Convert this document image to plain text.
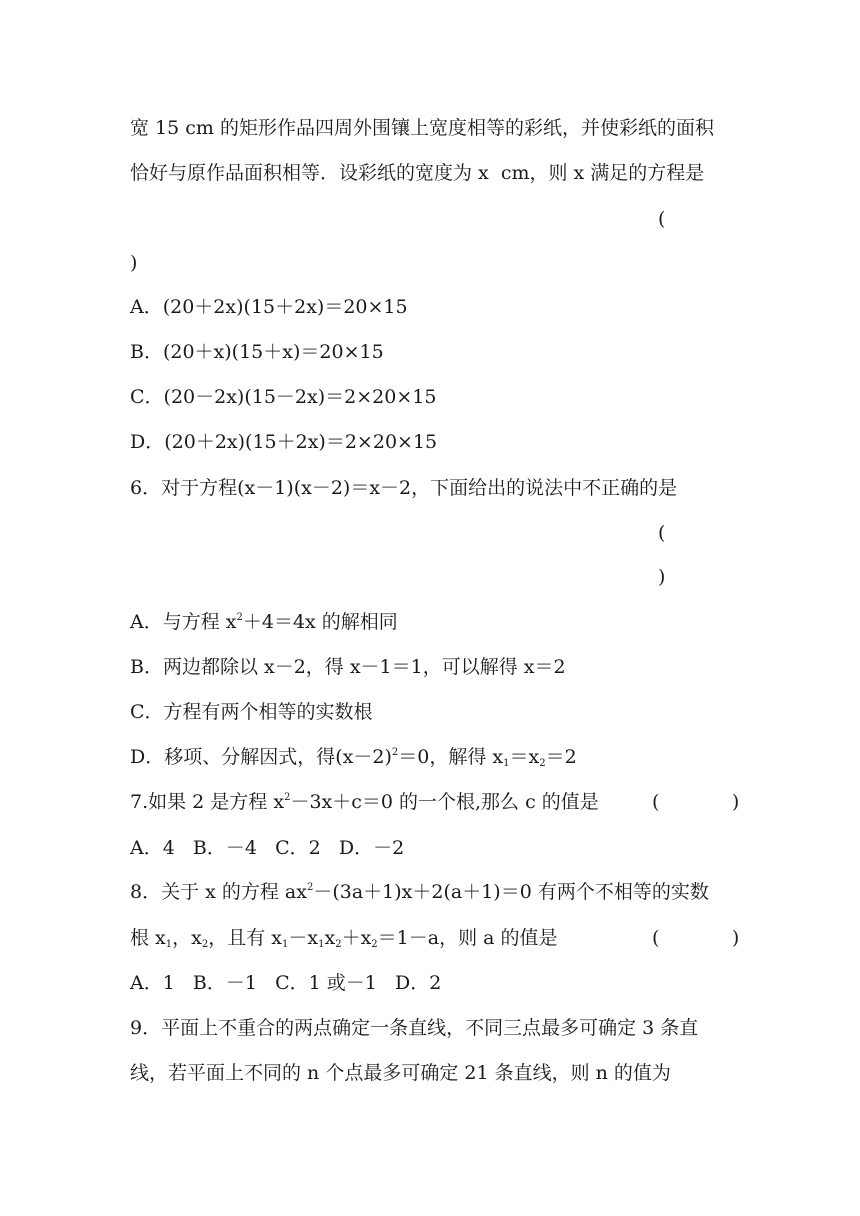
宽 15 cm 的矩形作品四周外围镶上宽度相等的彩纸，并使彩纸的面积
恰好与原作品面积相等．设彩纸的宽度为 x  cm，则 x 满足的方程是
(
)
A．(20＋2x)(15＋2x)＝20×15
B．(20＋x)(15＋x)＝20×15
C．(20－2x)(15－2x)＝2×20×15
D．(20＋2x)(15＋2x)＝2×20×15
6．对于方程(x－1)(x－2)＝x－2，下面给出的说法中不正确的是
(
)
A．与方程 $x^2+4=4x$ 的解相同
B．两边都除以 x－2，得 x－1＝1，可以解得 x＝2
C．方程有两个相等的实数根
D．移项、分解因式，得$(x-2)^2=0$，解得 $x_1=x_2=2$
7.如果 2 是方程 $x^2-3x+c=0$ 的一个根,那么 c 的值是	(            )
A．4   B．－4   C．2   D．－2
8．关于 x 的方程 $ax^2-(3a+1)x+2(a+1)=0$ 有两个不相等的实数
根 $x_1$，$x_2$，且有 $x_1-x_1x_2+x_2=1-a$，则 a 的值是	(            )
A．1   B．－1   C．1 或－1   D．2
9．平面上不重合的两点确定一条直线，不同三点最多可确定 3 条直
线，若平面上不同的 n 个点最多可确定 21 条直线，则 n 的值为
